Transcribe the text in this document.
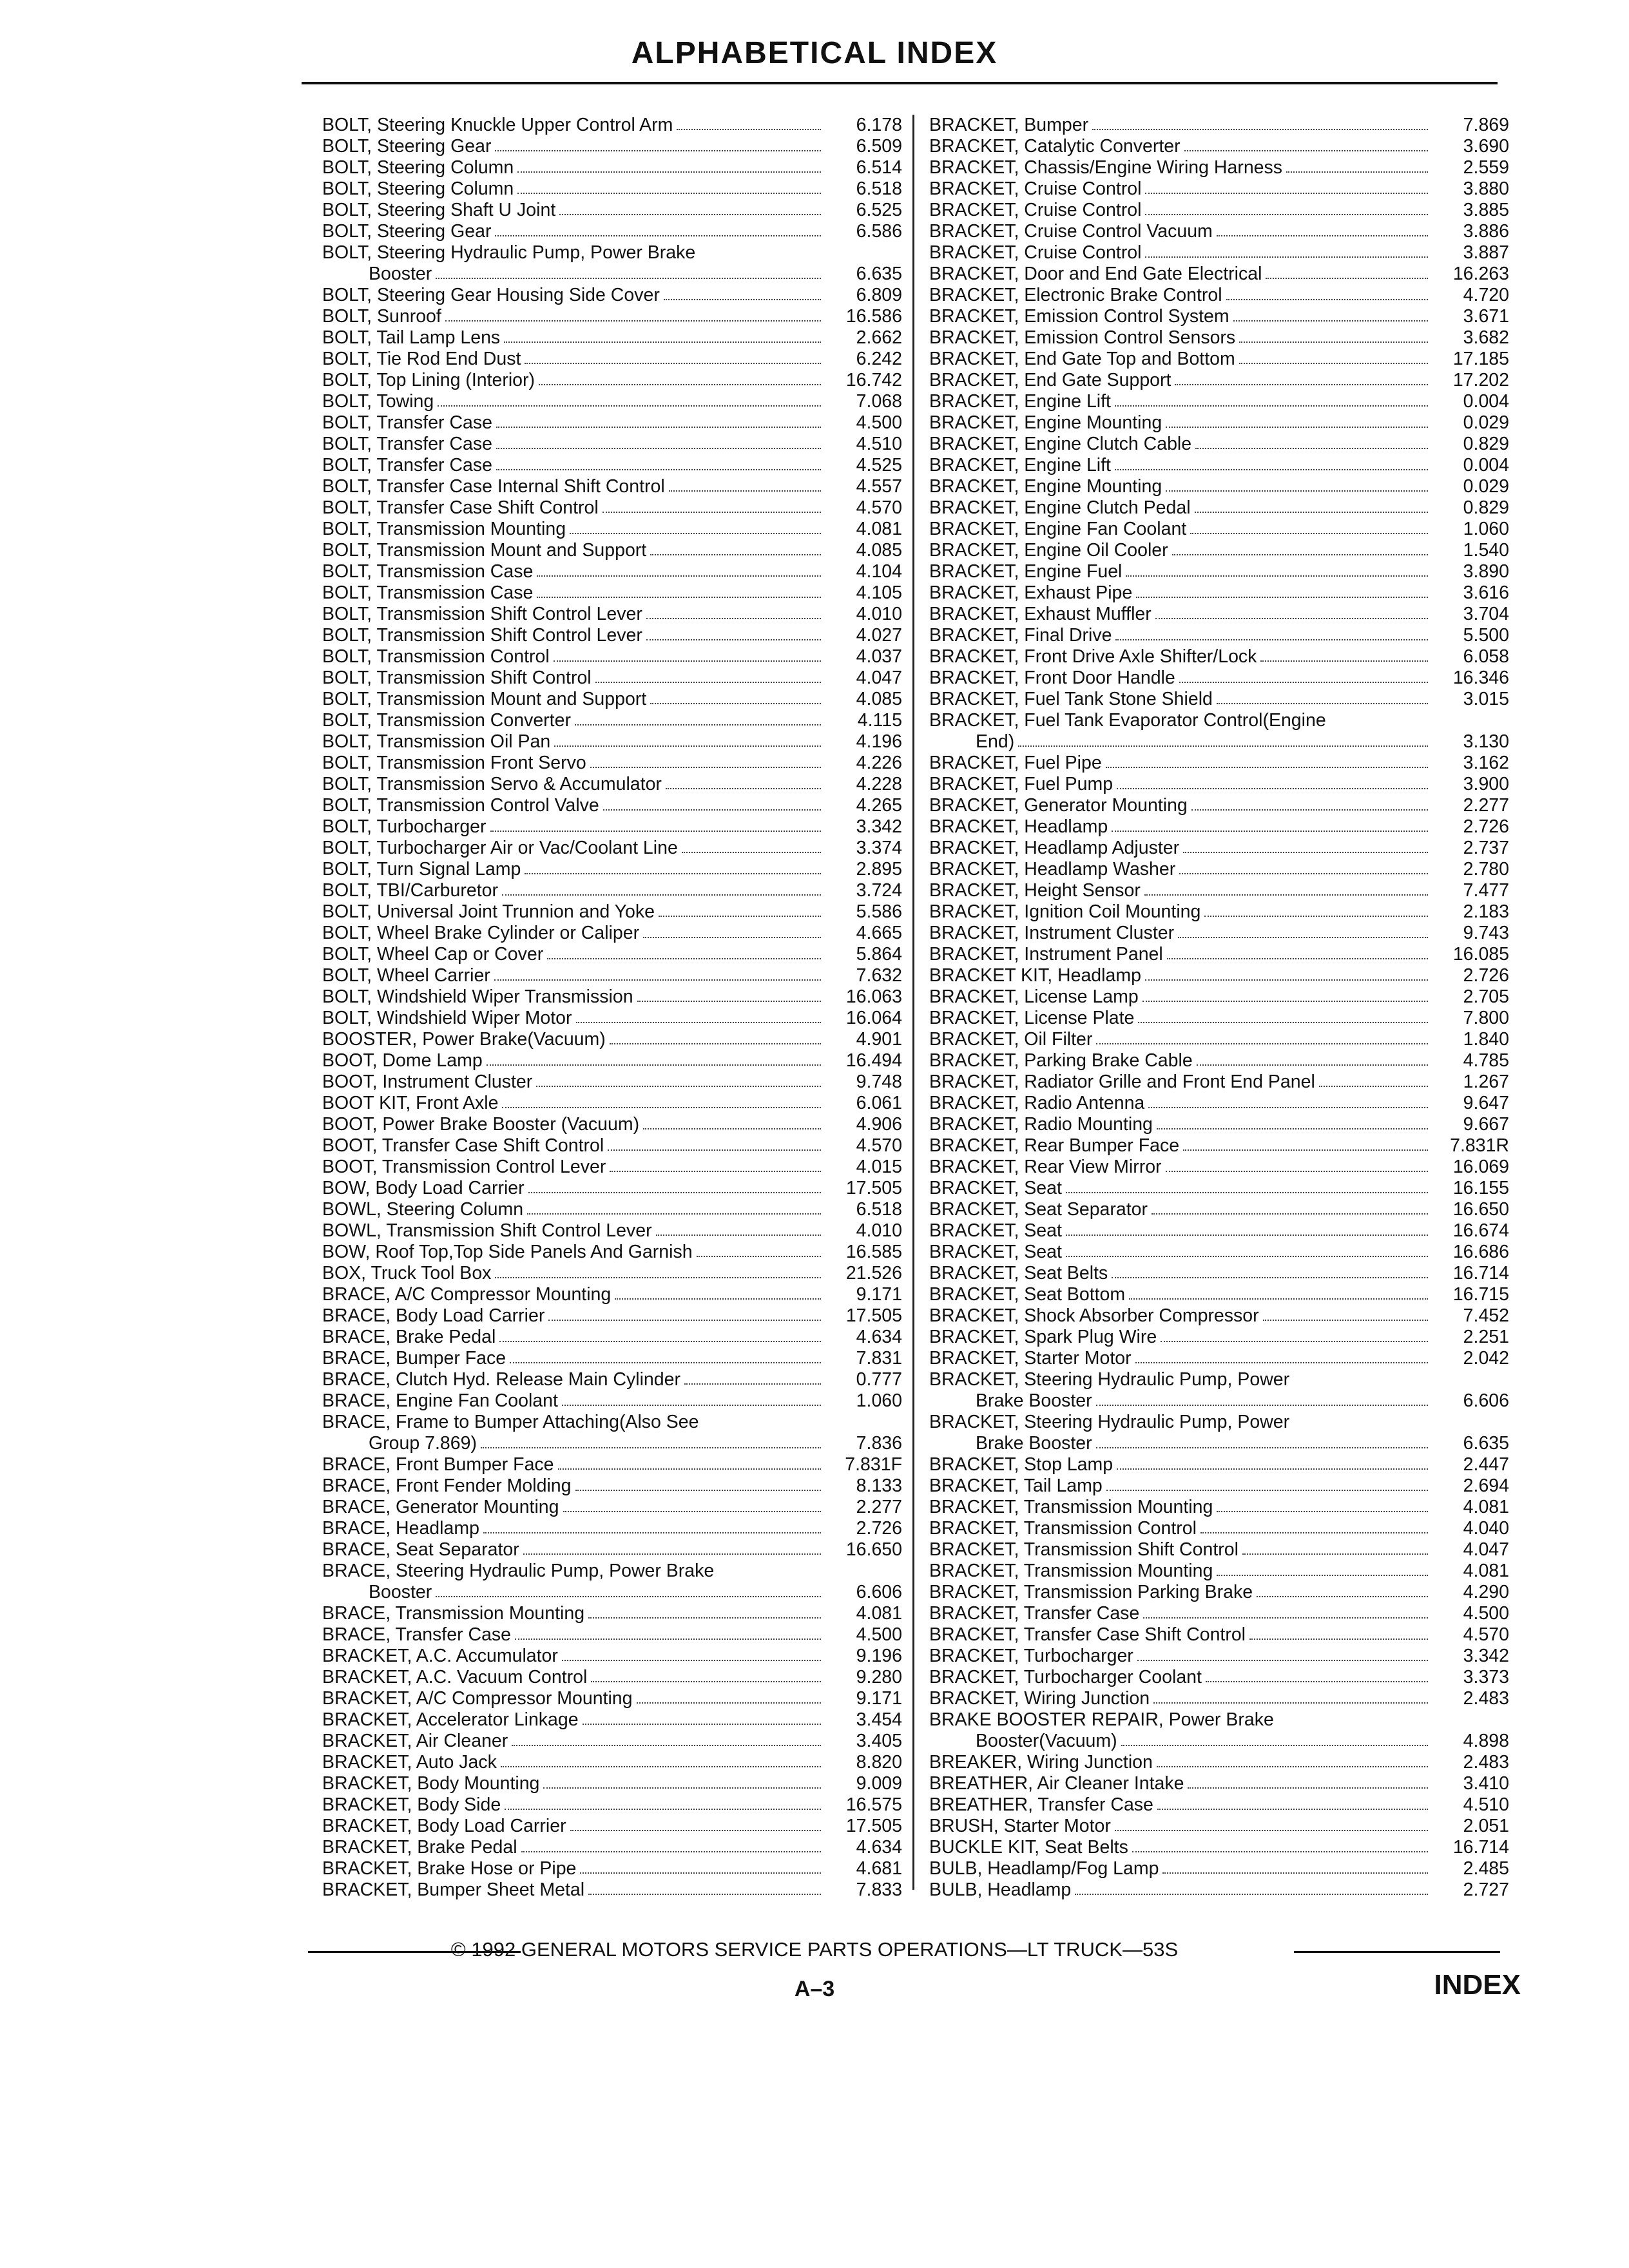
ALPHABETICAL INDEX
BOLT, Steering Knuckle Upper Control Arm	6.178
BOLT, Steering Gear	6.509
BOLT, Steering Column	6.514
BOLT, Steering Column	6.518
BOLT, Steering Shaft U Joint	6.525
BOLT, Steering Gear	6.586
BOLT, Steering Hydraulic Pump, Power Brake
Booster	6.635
BOLT, Steering Gear Housing Side Cover	6.809
BOLT, Sunroof	16.586
BOLT, Tail Lamp Lens	2.662
BOLT, Tie Rod End Dust	6.242
BOLT, Top Lining (Interior)	16.742
BOLT, Towing	7.068
BOLT, Transfer Case	4.500
BOLT, Transfer Case	4.510
BOLT, Transfer Case	4.525
BOLT, Transfer Case Internal Shift Control	4.557
BOLT, Transfer Case Shift Control	4.570
BOLT, Transmission Mounting	4.081
BOLT, Transmission Mount and Support	4.085
BOLT, Transmission Case	4.104
BOLT, Transmission Case	4.105
BOLT, Transmission Shift Control Lever	4.010
BOLT, Transmission Shift Control Lever	4.027
BOLT, Transmission Control	4.037
BOLT, Transmission Shift Control	4.047
BOLT, Transmission Mount and Support	4.085
BOLT, Transmission Converter	4.115
BOLT, Transmission Oil Pan	4.196
BOLT, Transmission Front Servo	4.226
BOLT, Transmission Servo & Accumulator	4.228
BOLT, Transmission Control Valve	4.265
BOLT, Turbocharger	3.342
BOLT, Turbocharger Air or Vac/Coolant Line	3.374
BOLT, Turn Signal Lamp	2.895
BOLT, TBI/Carburetor	3.724
BOLT, Universal Joint Trunnion and Yoke	5.586
BOLT, Wheel Brake Cylinder or Caliper	4.665
BOLT, Wheel Cap or Cover	5.864
BOLT, Wheel Carrier	7.632
BOLT, Windshield Wiper Transmission	16.063
BOLT, Windshield Wiper Motor	16.064
BOOSTER, Power Brake(Vacuum)	4.901
BOOT, Dome Lamp	16.494
BOOT, Instrument Cluster	9.748
BOOT KIT, Front Axle	6.061
BOOT, Power Brake Booster (Vacuum)	4.906
BOOT, Transfer Case Shift Control	4.570
BOOT, Transmission Control Lever	4.015
BOW, Body Load Carrier	17.505
BOWL, Steering Column	6.518
BOWL, Transmission Shift Control Lever	4.010
BOW, Roof Top,Top Side Panels And Garnish	16.585
BOX, Truck Tool Box	21.526
BRACE, A/C Compressor Mounting	9.171
BRACE, Body Load Carrier	17.505
BRACE, Brake Pedal	4.634
BRACE, Bumper Face	7.831
BRACE, Clutch Hyd. Release Main Cylinder	0.777
BRACE, Engine Fan Coolant	1.060
BRACE, Frame to Bumper Attaching(Also See
Group 7.869)	7.836
BRACE, Front Bumper Face	7.831F
BRACE, Front Fender Molding	8.133
BRACE, Generator Mounting	2.277
BRACE, Headlamp	2.726
BRACE, Seat Separator	16.650
BRACE, Steering Hydraulic Pump, Power Brake
Booster	6.606
BRACE, Transmission Mounting	4.081
BRACE, Transfer Case	4.500
BRACKET, A.C. Accumulator	9.196
BRACKET, A.C. Vacuum Control	9.280
BRACKET, A/C Compressor Mounting	9.171
BRACKET, Accelerator Linkage	3.454
BRACKET, Air Cleaner	3.405
BRACKET, Auto Jack	8.820
BRACKET, Body Mounting	9.009
BRACKET, Body Side	16.575
BRACKET, Body Load Carrier	17.505
BRACKET, Brake Pedal	4.634
BRACKET, Brake Hose or Pipe	4.681
BRACKET, Bumper Sheet Metal	7.833
BRACKET, Bumper	7.869
BRACKET, Catalytic Converter	3.690
BRACKET, Chassis/Engine Wiring Harness	2.559
BRACKET, Cruise Control	3.880
BRACKET, Cruise Control	3.885
BRACKET, Cruise Control Vacuum	3.886
BRACKET, Cruise Control	3.887
BRACKET, Door and End Gate Electrical	16.263
BRACKET, Electronic Brake Control	4.720
BRACKET, Emission Control System	3.671
BRACKET, Emission Control Sensors	3.682
BRACKET, End Gate Top and Bottom	17.185
BRACKET, End Gate Support	17.202
BRACKET, Engine Lift	0.004
BRACKET, Engine Mounting	0.029
BRACKET, Engine Clutch Cable	0.829
BRACKET, Engine Lift	0.004
BRACKET, Engine Mounting	0.029
BRACKET, Engine Clutch Pedal	0.829
BRACKET, Engine Fan Coolant	1.060
BRACKET, Engine Oil Cooler	1.540
BRACKET, Engine Fuel	3.890
BRACKET, Exhaust Pipe	3.616
BRACKET, Exhaust Muffler	3.704
BRACKET, Final Drive	5.500
BRACKET, Front Drive Axle Shifter/Lock	6.058
BRACKET, Front Door Handle	16.346
BRACKET, Fuel Tank Stone Shield	3.015
BRACKET, Fuel Tank Evaporator Control(Engine
End)	3.130
BRACKET, Fuel Pipe	3.162
BRACKET, Fuel Pump	3.900
BRACKET, Generator Mounting	2.277
BRACKET, Headlamp	2.726
BRACKET, Headlamp Adjuster	2.737
BRACKET, Headlamp Washer	2.780
BRACKET, Height Sensor	7.477
BRACKET, Ignition Coil Mounting	2.183
BRACKET, Instrument Cluster	9.743
BRACKET, Instrument Panel	16.085
BRACKET KIT, Headlamp	2.726
BRACKET, License Lamp	2.705
BRACKET, License Plate	7.800
BRACKET, Oil Filter	1.840
BRACKET, Parking Brake Cable	4.785
BRACKET, Radiator Grille and Front End Panel	1.267
BRACKET, Radio Antenna	9.647
BRACKET, Radio Mounting	9.667
BRACKET, Rear Bumper Face	7.831R
BRACKET, Rear View Mirror	16.069
BRACKET, Seat	16.155
BRACKET, Seat Separator	16.650
BRACKET, Seat	16.674
BRACKET, Seat	16.686
BRACKET, Seat Belts	16.714
BRACKET, Seat Bottom	16.715
BRACKET, Shock Absorber Compressor	7.452
BRACKET, Spark Plug Wire	2.251
BRACKET, Starter Motor	2.042
BRACKET, Steering Hydraulic Pump, Power
Brake Booster	6.606
BRACKET, Steering Hydraulic Pump, Power
Brake Booster	6.635
BRACKET, Stop Lamp	2.447
BRACKET, Tail Lamp	2.694
BRACKET, Transmission Mounting	4.081
BRACKET, Transmission Control	4.040
BRACKET, Transmission Shift Control	4.047
BRACKET, Transmission Mounting	4.081
BRACKET, Transmission Parking Brake	4.290
BRACKET, Transfer Case	4.500
BRACKET, Transfer Case Shift Control	4.570
BRACKET, Turbocharger	3.342
BRACKET, Turbocharger Coolant	3.373
BRACKET, Wiring Junction	2.483
BRAKE BOOSTER REPAIR, Power Brake
Booster(Vacuum)	4.898
BREAKER, Wiring Junction	2.483
BREATHER, Air Cleaner Intake	3.410
BREATHER, Transfer Case	4.510
BRUSH, Starter Motor	2.051
BUCKLE KIT, Seat Belts	16.714
BULB, Headlamp/Fog Lamp	2.485
BULB, Headlamp	2.727
© 1992 GENERAL MOTORS SERVICE PARTS OPERATIONS—LT TRUCK—53S
A–3	INDEX
